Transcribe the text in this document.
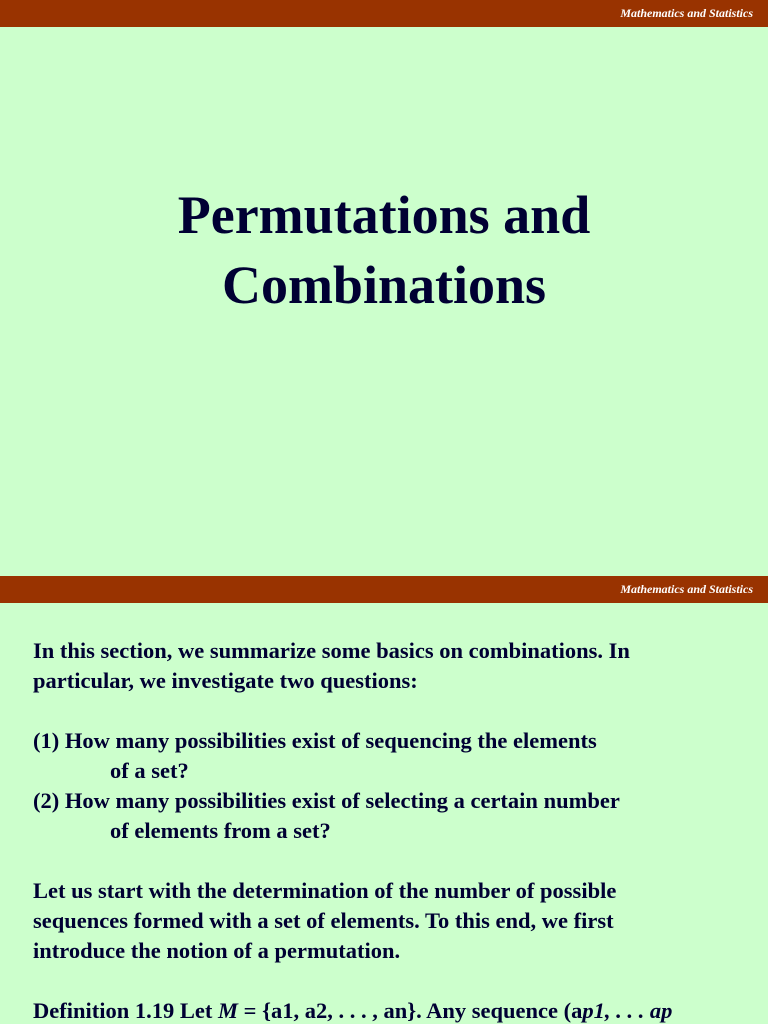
Mathematics and Statistics
Permutations and
Combinations
Mathematics and Statistics

In this section, we summarize some basics on combinations. In

particular, we investigate two questions:

(1) How many possibilities exist of sequencing the elements

of a set?

(2) How many possibilities exist of selecting a certain number

of elements from a set?

Let us start with the determination of the number of possible

sequences formed with a set of elements. To this end, we first

introduce the notion of a permutation.

Definition 1.19 Let M = {a1, a2, . . . , an}. Any sequence (ap1, . . . ap
